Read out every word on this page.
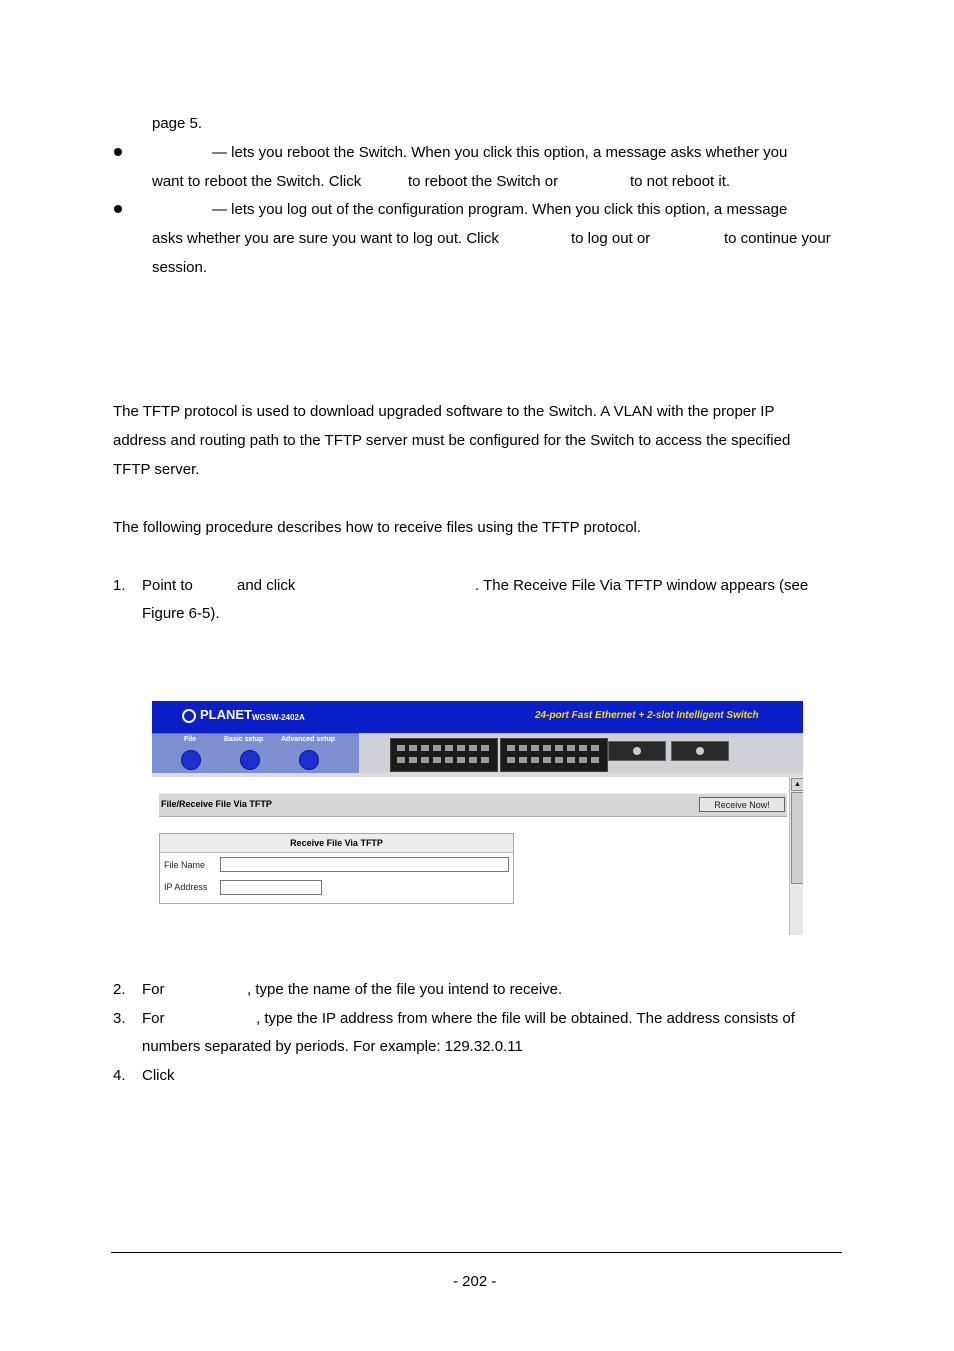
page 5.
— lets you reboot the Switch. When you click this option, a message asks whether you
want to reboot the Switch. Click	to reboot the Switch or	to not reboot it.
— lets you log out of the configuration program. When you click this option, a message
asks whether you are sure you want to log out. Click	to log out or	to continue your
session.
The TFTP protocol is used to download upgraded software to the Switch. A VLAN with the proper IP
address and routing path to the TFTP server must be configured for the Switch to access the specified
TFTP server.
The following procedure describes how to receive files using the TFTP protocol.
1. Point to	and click	. The Receive File Via TFTP window appears (see
Figure 6-5).
PLANET WGSW-2402A	24-port Fast Ethernet + 2-slot Intelligent Switch
File	Basic setup	Advanced setup
File/Receive File Via TFTP	Receive Now!
▲
Receive File Via TFTP
File Name
IP Address
2. For	, type the name of the file you intend to receive.
3. For	, type the IP address from where the file will be obtained. The address consists of
numbers separated by periods. For example: 129.32.0.11
4. Click
- 202 -
